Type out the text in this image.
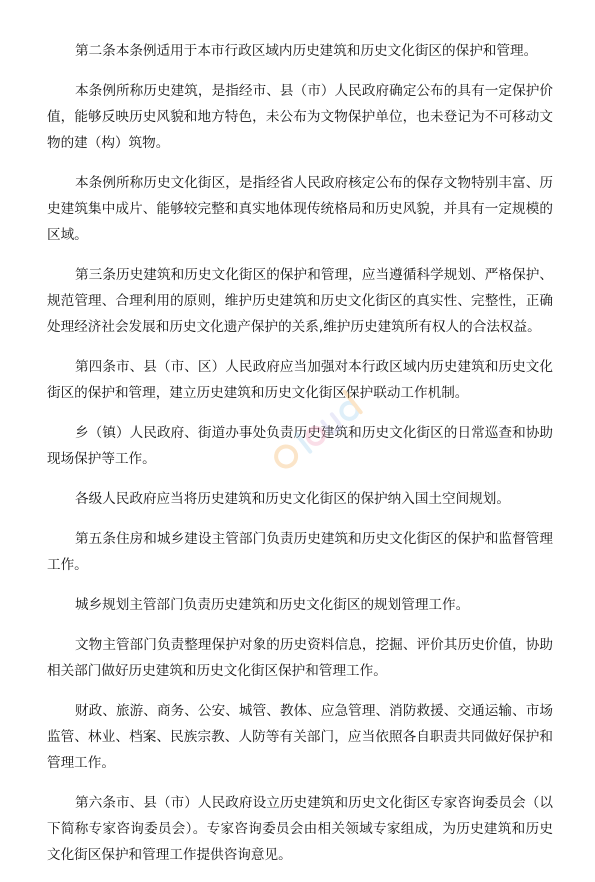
第二条本条例适用于本市行政区域内历史建筑和历史文化街区的保护和管理。

本条例所称历史建筑，是指经市、县（市）人民政府确定公布的具有一定保护价值，能够反映历史风貌和地方特色，未公布为文物保护单位，也未登记为不可移动文物的建（构）筑物。

本条例所称历史文化街区，是指经省人民政府核定公布的保存文物特别丰富、历史建筑集中成片、能够较完整和真实地体现传统格局和历史风貌，并具有一定规模的区域。

第三条历史建筑和历史文化街区的保护和管理，应当遵循科学规划、严格保护、规范管理、合理利用的原则，维护历史建筑和历史文化街区的真实性、完整性，正确处理经济社会发展和历史文化遗产保护的关系,维护历史建筑所有权人的合法权益。

第四条市、县（市、区）人民政府应当加强对本行政区域内历史建筑和历史文化街区的保护和管理，建立历史建筑和历史文化街区保护联动工作机制。

乡（镇）人民政府、街道办事处负责历史建筑和历史文化街区的日常巡查和协助现场保护等工作。

各级人民政府应当将历史建筑和历史文化街区的保护纳入国土空间规划。

第五条住房和城乡建设主管部门负责历史建筑和历史文化街区的保护和监督管理工作。

城乡规划主管部门负责历史建筑和历史文化街区的规划管理工作。

文物主管部门负责整理保护对象的历史资料信息，挖掘、评价其历史价值，协助相关部门做好历史建筑和历史文化街区保护和管理工作。

财政、旅游、商务、公安、城管、教体、应急管理、消防救援、交通运输、市场监管、林业、档案、民族宗教、人防等有关部门，应当依照各自职责共同做好保护和管理工作。

第六条市、县（市）人民政府设立历史建筑和历史文化街区专家咨询委员会（以下简称专家咨询委员会）。专家咨询委员会由相关领域专家组成，为历史建筑和历史文化街区保护和管理工作提供咨询意见。
